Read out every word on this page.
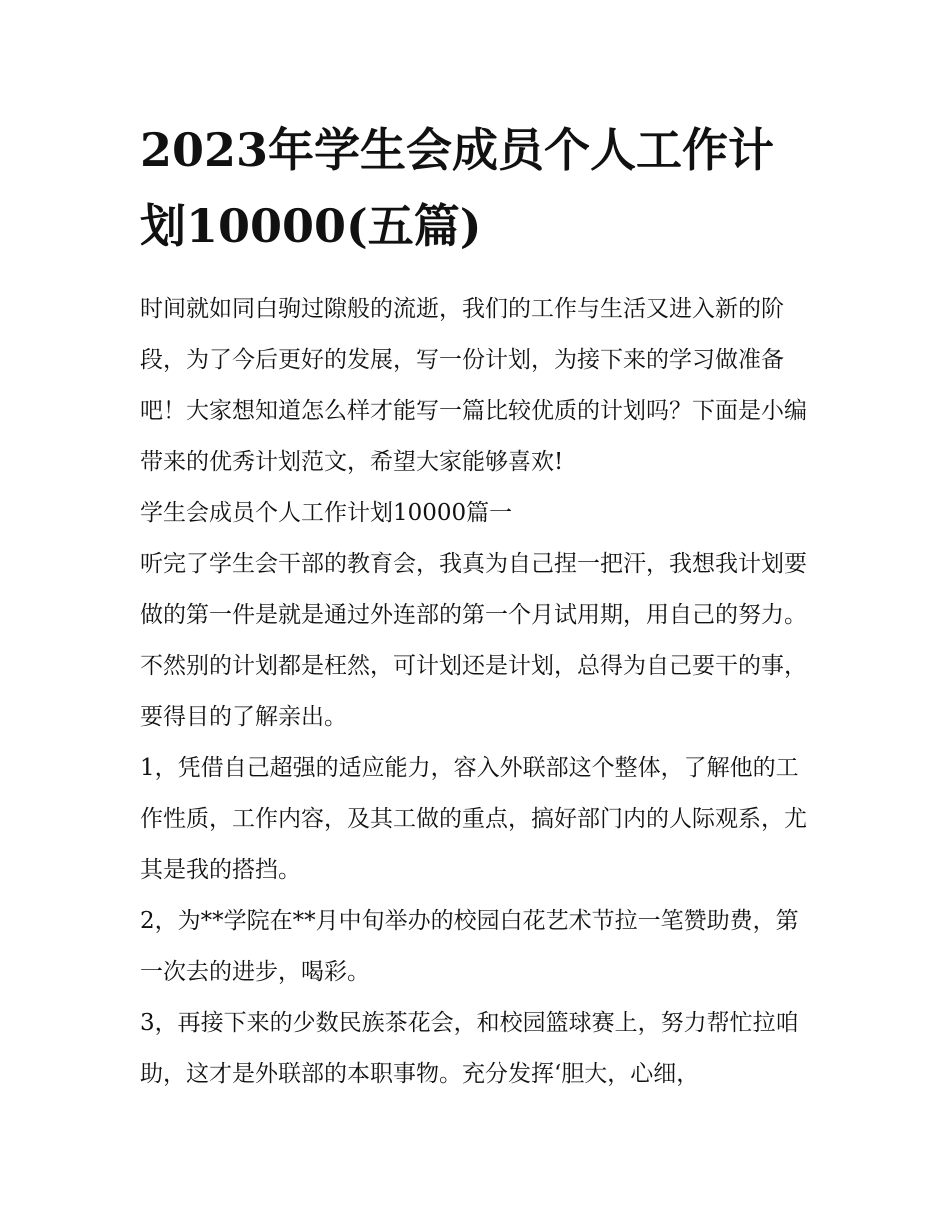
2023年学生会成员个人工作计划10000(五篇)

时间就如同白驹过隙般的流逝，我们的工作与生活又进入新的阶段，为了今后更好的发展，写一份计划，为接下来的学习做准备吧！大家想知道怎么样才能写一篇比较优质的计划吗？下面是小编带来的优秀计划范文，希望大家能够喜欢!

学生会成员个人工作计划10000篇一

听完了学生会干部的教育会，我真为自己捏一把汗，我想我计划要做的第一件是就是通过外连部的第一个月试用期，用自己的努力。不然别的计划都是枉然，可计划还是计划，总得为自己要干的事，要得目的了解亲出。

1，凭借自己超强的适应能力，容入外联部这个整体，了解他的工作性质，工作内容，及其工做的重点，搞好部门内的人际观系，尤其是我的搭挡。

2，为**学院在**月中旬举办的校园白花艺术节拉一笔赞助费，第一次去的进步，喝彩。

3，再接下来的少数民族茶花会，和校园篮球赛上，努力帮忙拉咱助，这才是外联部的本职事物。充分发挥‘胆大，心细，
